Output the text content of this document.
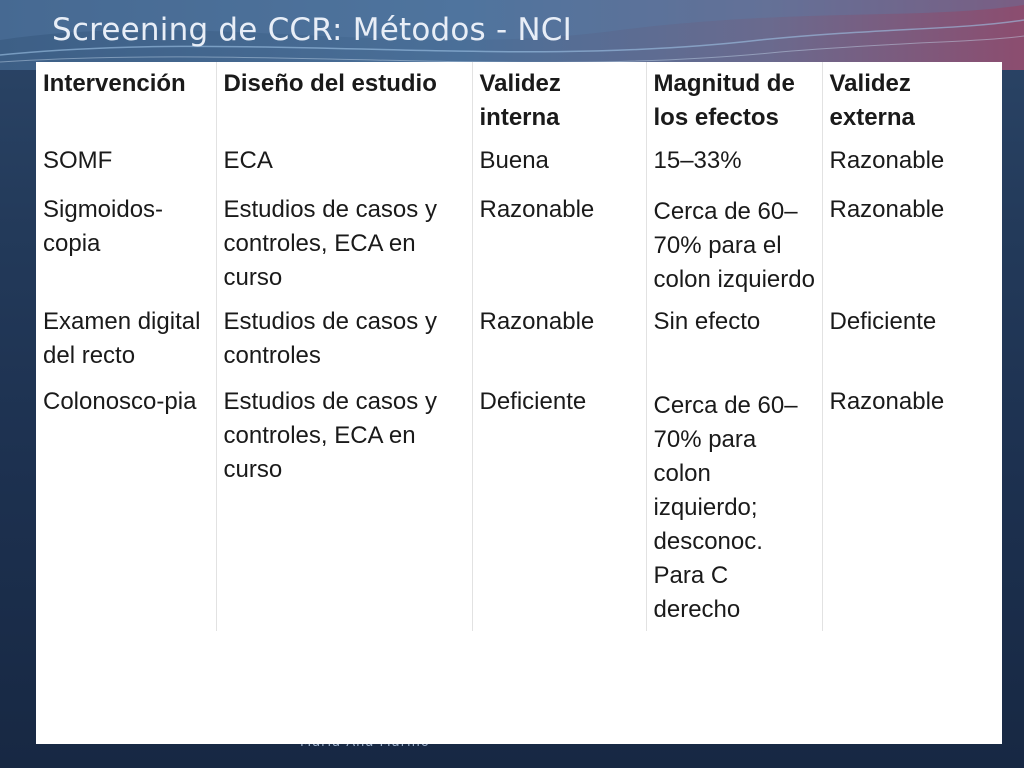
Screening de CCR: Métodos - NCI
Intervención	Diseño del estudio	Validez interna	Magnitud de los efectos	Validez externa
SOMF	ECA	Buena	15–33%	Razonable
Sigmoidos-copia	Estudios de casos y controles, ECA en curso	Razonable	Cerca de 60–70% para el colon izquierdo	Razonable
Examen digital del recto	Estudios de casos y controles	Razonable	Sin efecto	Deficiente
Colonosco-pia	Estudios de casos y controles, ECA en curso	Deficiente	Cerca de 60–70% para colon izquierdo; desconoc. Para C derecho	Razonable
